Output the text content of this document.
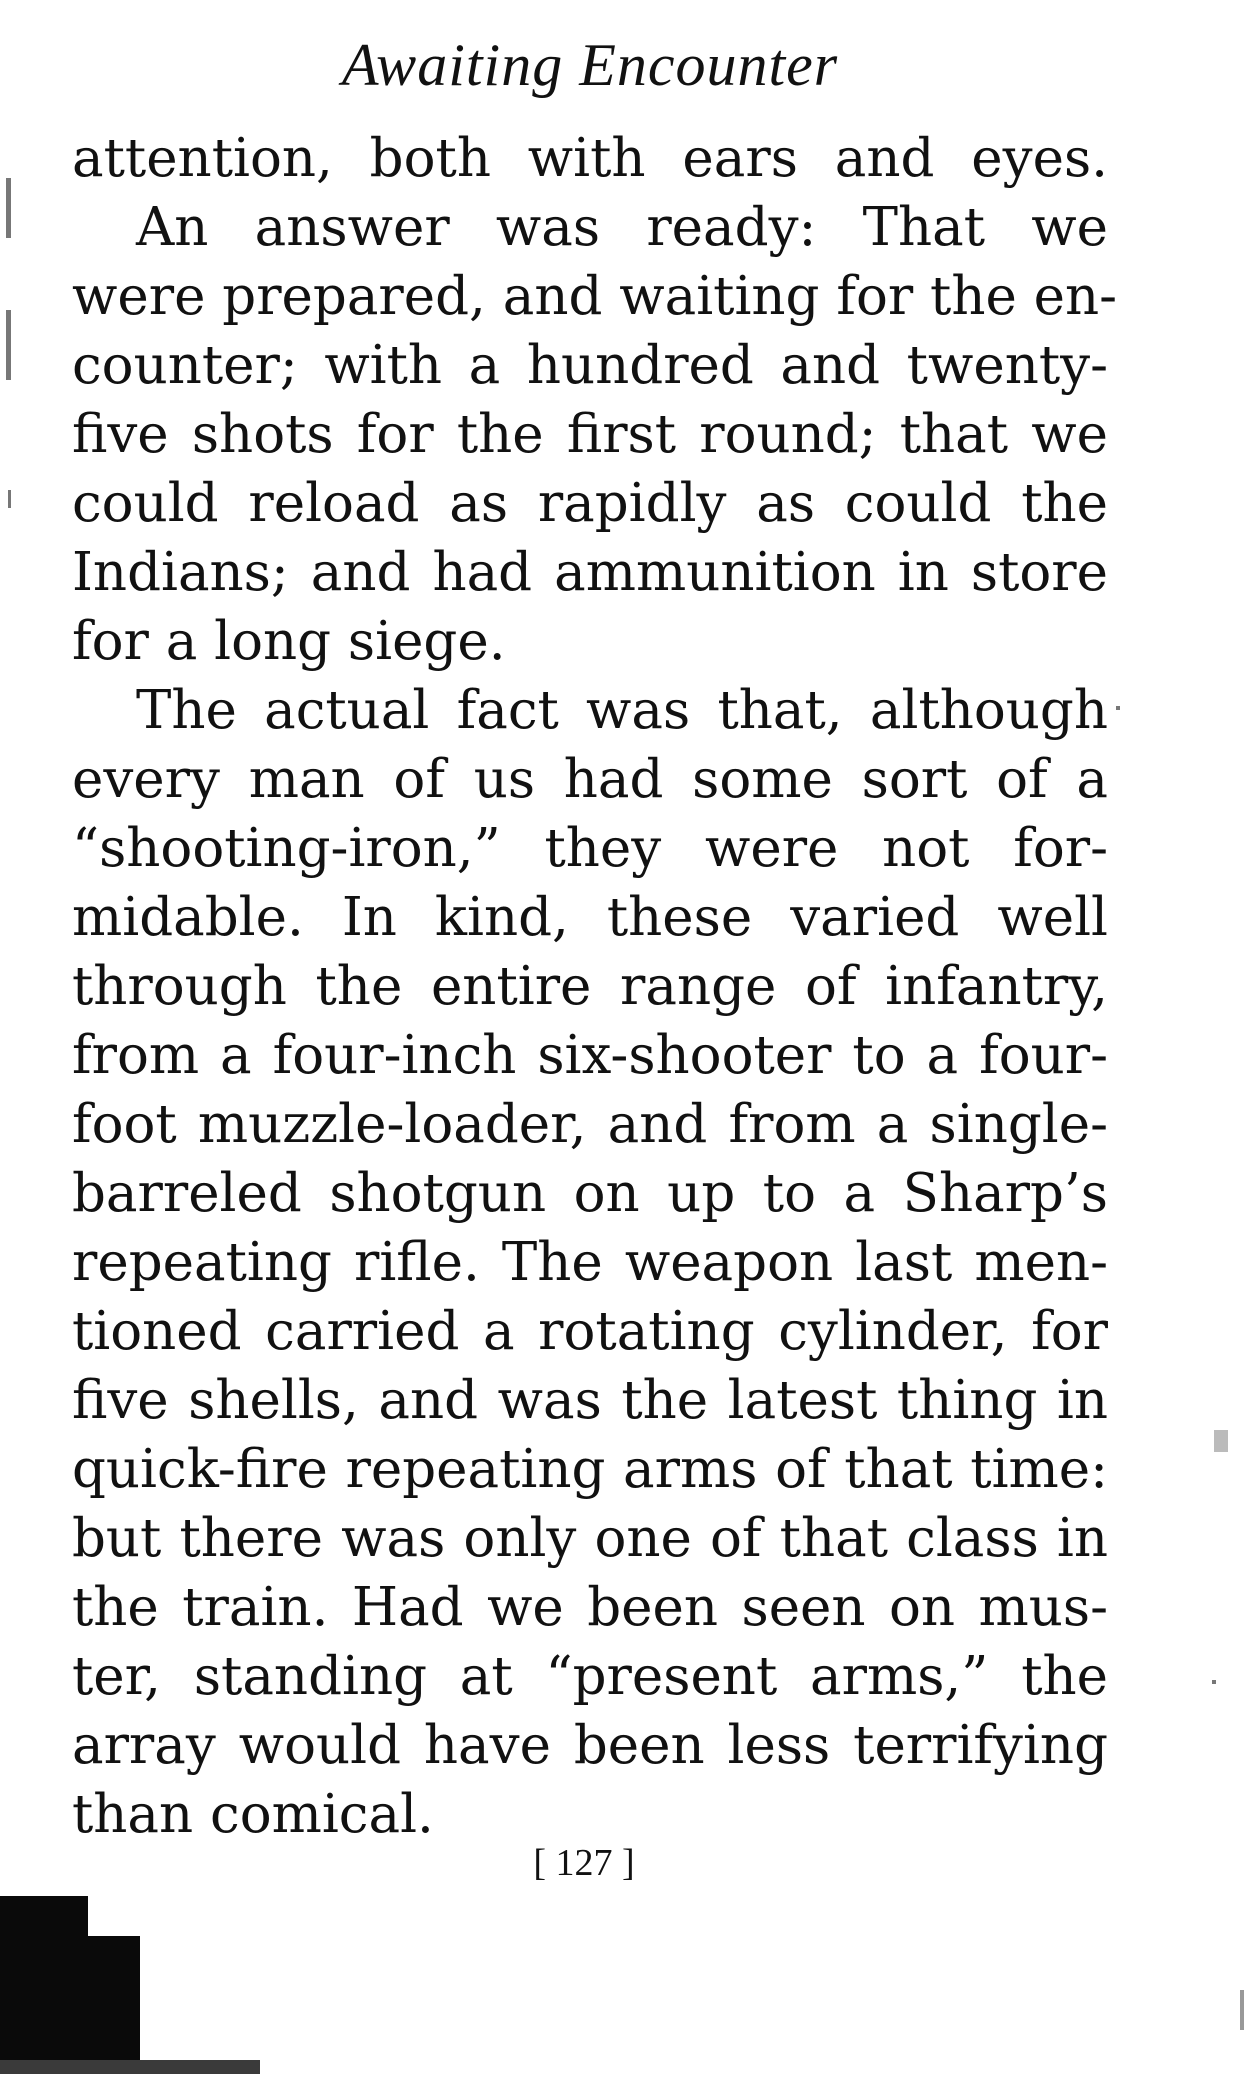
Awaiting Encounter
attention, both with ears and eyes.
An answer was ready: That we
were prepared, and waiting for the en-
counter; with a hundred and twenty-
five shots for the first round; that we
could reload as rapidly as could the
Indians; and had ammunition in store
for a long siege.
The actual fact was that, although
every man of us had some sort of a
“shooting-iron,” they were not for-
midable. In kind, these varied well
through the entire range of infantry,
from a four-inch six-shooter to a four-
foot muzzle-loader, and from a single-
barreled shotgun on up to a Sharp’s
repeating rifle. The weapon last men-
tioned carried a rotating cylinder, for
five shells, and was the latest thing in
quick-fire repeating arms of that time:
but there was only one of that class in
the train. Had we been seen on mus-
ter, standing at “present arms,” the
array would have been less terrifying
than comical.
[ 127 ]
